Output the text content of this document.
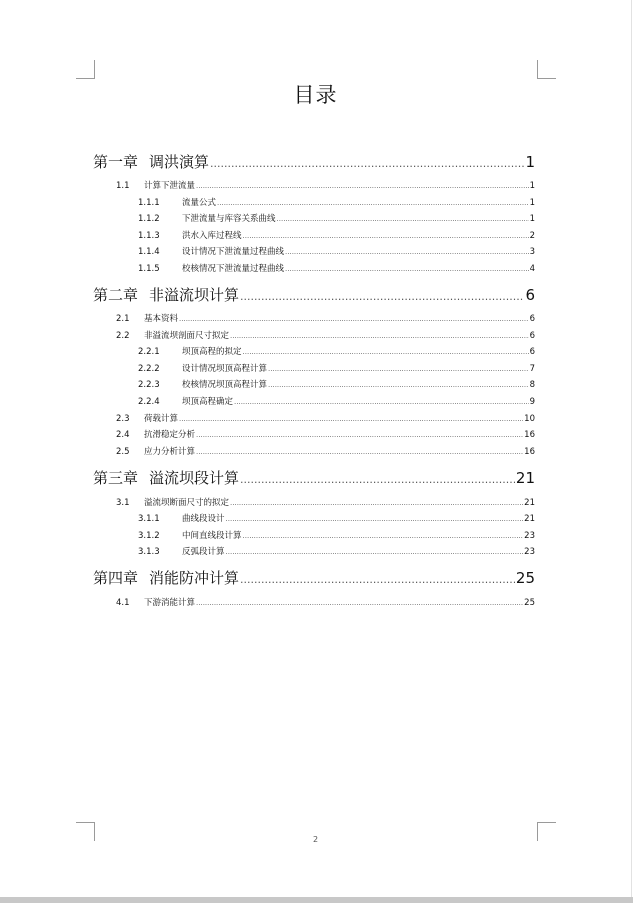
目录
第一章 调洪演算 .....	1
1.1	计算下泄流量 .....	1
1.1.1	流量公式 .....	1
1.1.2	下泄流量与库容关系曲线 .....	1
1.1.3	洪水入库过程线 .....	2
1.1.4	设计情况下泄流量过程曲线 .....	3
1.1.5	校核情况下泄流量过程曲线 .....	4
第二章 非溢流坝计算 .....	6
2.1	基本资料 .....	6
2.2	非溢流坝剖面尺寸拟定 .....	6
2.2.1	坝顶高程的拟定 .....	6
2.2.2	设计情况坝顶高程计算 .....	7
2.2.3	校核情况坝顶高程计算 .....	8
2.2.4	坝顶高程确定 .....	9
2.3	荷载计算 .....	10
2.4	抗滑稳定分析 .....	16
2.5	应力分析计算 .....	16
第三章 溢流坝段计算 .....	21
3.1	溢流坝断面尺寸的拟定 .....	21
3.1.1	曲线段设计 .....	21
3.1.2	中间直线段计算 .....	23
3.1.3	反弧段计算 .....	23
第四章 消能防冲计算 .....	25
4.1	下游消能计算 .....	25
2
